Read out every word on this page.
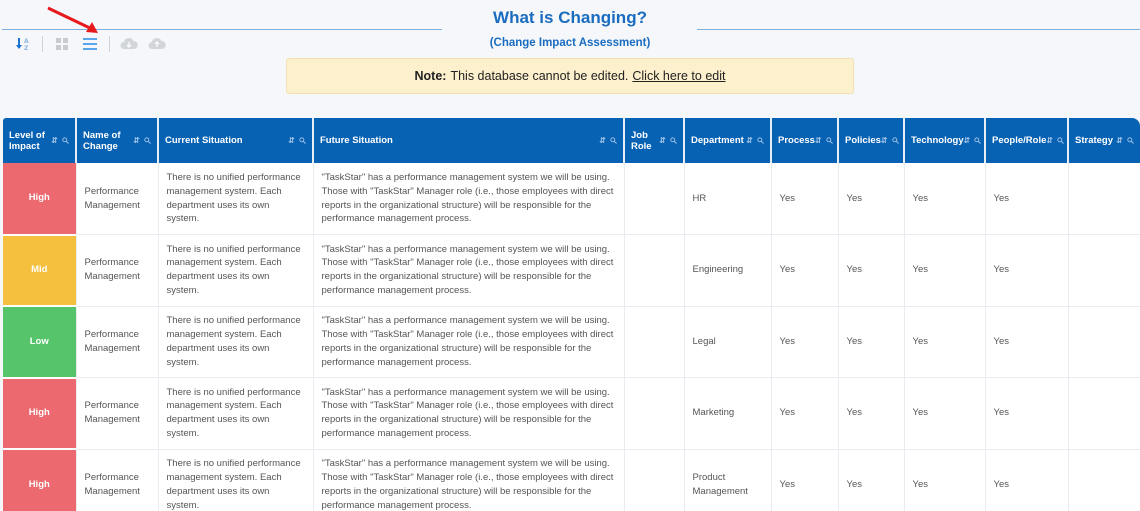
What is Changing?
(Change Impact Assessment)
A
Z
Note: This database cannot be edited. Click here to edit
Level of Impact ⇵	Name of Change ⇵	Current Situation ⇵	Future Situation ⇵	Job Role ⇵	Department ⇵	Process ⇵	Policies ⇵	Technology ⇵	People/Role ⇵	Strategy ⇵

High	Performance Management	There is no unified performance management system. Each department uses its own system.	"TaskStar" has a performance management system we will be using. Those with "TaskStar" Manager role (i.e., those employees with direct reports in the organizational structure) will be responsible for the performance management process.		HR	Yes	Yes	Yes	Yes	
Mid	Performance Management	There is no unified performance management system. Each department uses its own system.	"TaskStar" has a performance management system we will be using. Those with "TaskStar" Manager role (i.e., those employees with direct reports in the organizational structure) will be responsible for the performance management process.		Engineering	Yes	Yes	Yes	Yes	
Low	Performance Management	There is no unified performance management system. Each department uses its own system.	"TaskStar" has a performance management system we will be using. Those with "TaskStar" Manager role (i.e., those employees with direct reports in the organizational structure) will be responsible for the performance management process.		Legal	Yes	Yes	Yes	Yes	
High	Performance Management	There is no unified performance management system. Each department uses its own system.	"TaskStar" has a performance management system we will be using. Those with "TaskStar" Manager role (i.e., those employees with direct reports in the organizational structure) will be responsible for the performance management process.		Marketing	Yes	Yes	Yes	Yes	
High	Performance Management	There is no unified performance management system. Each department uses its own system.	"TaskStar" has a performance management system we will be using. Those with "TaskStar" Manager role (i.e., those employees with direct reports in the organizational structure) will be responsible for the performance management process.		Product Management	Yes	Yes	Yes	Yes	
